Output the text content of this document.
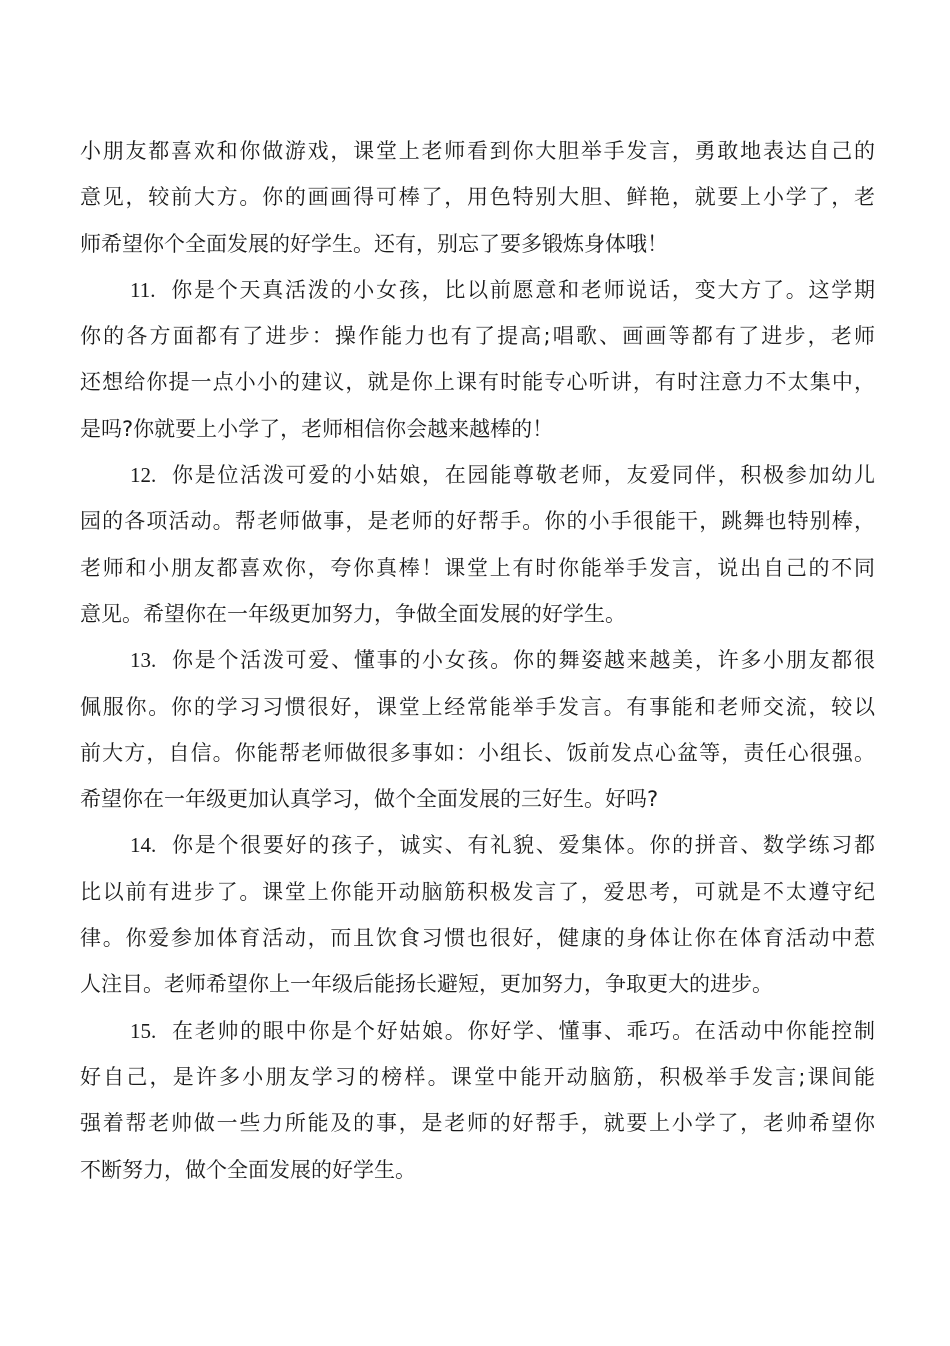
小朋友都喜欢和你做游戏，课堂上老师看到你大胆举手发言，勇敢地表达自己的
意见，较前大方。你的画画得可棒了，用色特别大胆、鲜艳，就要上小学了，老
师希望你个全面发展的好学生。还有，别忘了要多锻炼身体哦！
11. 你是个天真活泼的小女孩，比以前愿意和老师说话，变大方了。这学期
你的各方面都有了进步：操作能力也有了提高;唱歌、画画等都有了进步，老师
还想给你提一点小小的建议，就是你上课有时能专心听讲，有时注意力不太集中，
是吗?你就要上小学了，老师相信你会越来越棒的！
12. 你是位活泼可爱的小姑娘，在园能尊敬老师，友爱同伴，积极参加幼儿
园的各项活动。帮老师做事，是老师的好帮手。你的小手很能干，跳舞也特别棒，
老师和小朋友都喜欢你，夸你真棒！课堂上有时你能举手发言，说出自己的不同
意见。希望你在一年级更加努力，争做全面发展的好学生。
13. 你是个活泼可爱、懂事的小女孩。你的舞姿越来越美，许多小朋友都很
佩服你。你的学习习惯很好，课堂上经常能举手发言。有事能和老师交流，较以
前大方，自信。你能帮老师做很多事如：小组长、饭前发点心盆等，责任心很强。
希望你在一年级更加认真学习，做个全面发展的三好生。好吗?
14. 你是个很要好的孩子，诚实、有礼貌、爱集体。你的拼音、数学练习都
比以前有进步了。课堂上你能开动脑筋积极发言了，爱思考，可就是不太遵守纪
律。你爱参加体育活动，而且饮食习惯也很好，健康的身体让你在体育活动中惹
人注目。老师希望你上一年级后能扬长避短，更加努力，争取更大的进步。
15. 在老帅的眼中你是个好姑娘。你好学、懂事、乖巧。在活动中你能控制
好自己，是许多小朋友学习的榜样。课堂中能开动脑筋，积极举手发言;课间能
强着帮老帅做一些力所能及的事，是老师的好帮手，就要上小学了，老帅希望你
不断努力，做个全面发展的好学生。
